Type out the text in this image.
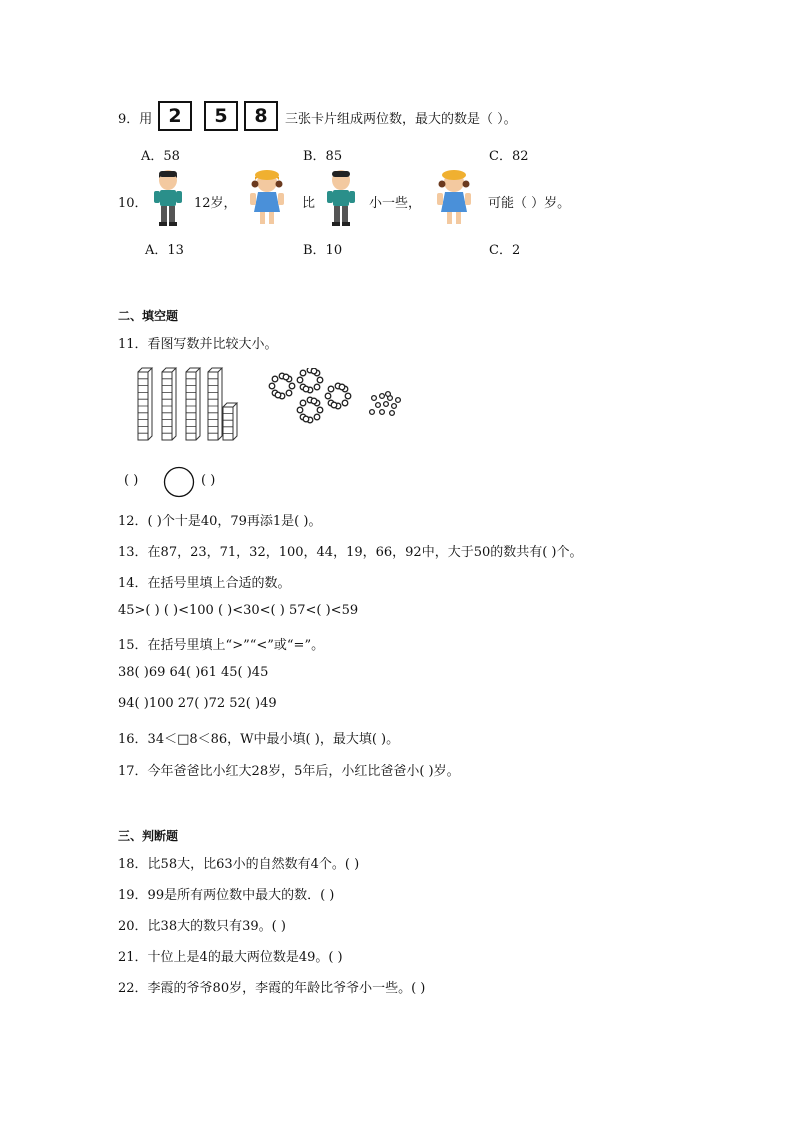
9．用 2	5	8	三张卡片组成两位数，最大的数是（ ）。
A．58	B．85	C．82
10．	12岁，	比	小一些，	可能（ ）岁。
A．13	B．10	C．2
二、填空题
11．看图写数并比较大小。
( )	( )
12．( )个十是40，79再添1是( )。
13．在87，23，71，32，100，44，19，66，92中，大于50的数共有( )个。
14．在括号里填上合适的数。
45>( ) ( )<100 ( )<30<( ) 57<( )<59
15．在括号里填上“>”“<”或“=”。
38( )69 64( )61 45( )45
94( )100 27( )72 52( )49
16．34＜□8＜86，W中最小填( )，最大填( )。
17．今年爸爸比小红大28岁，5年后，小红比爸爸小( )岁。
三、判断题
18．比58大，比63小的自然数有4个。( )
19．99是所有两位数中最大的数．( )
20．比38大的数只有39。( )
21．十位上是4的最大两位数是49。( )
22．李霞的爷爷80岁，李霞的年龄比爷爷小一些。( )
